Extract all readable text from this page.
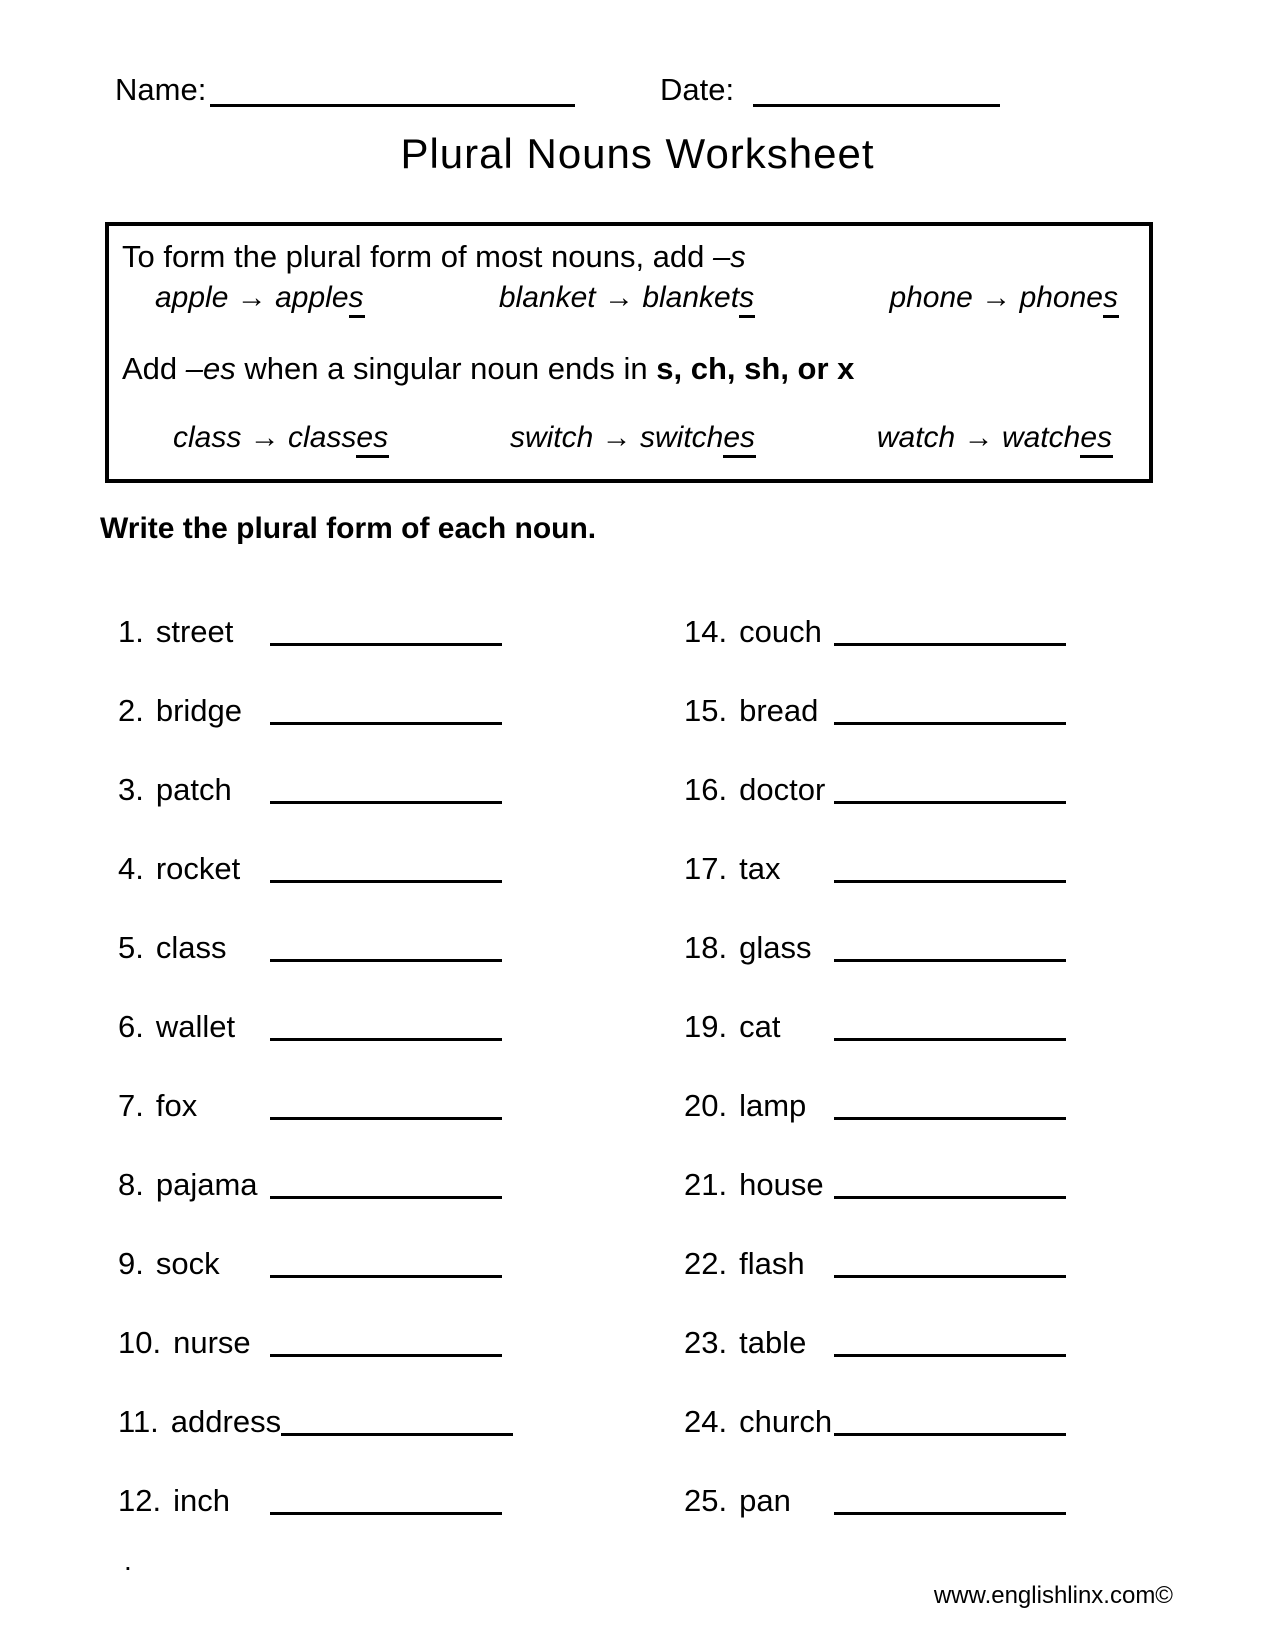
Name:	Date:
Plural Nouns Worksheet
To form the plural form of most nouns, add –s
apple → apples	blanket → blankets	phone → phones
Add –es when a singular noun ends in s, ch, sh, or x
class → classes	switch → switches	watch → watches
Write the plural form of each noun.
1. street
2. bridge
3. patch
4. rocket
5. class
6. wallet
7. fox
8. pajama
9. sock
10. nurse
11. address
12. inch
14. couch
15. bread
16. doctor
17. tax
18. glass
19. cat
20. lamp
21. house
22. flash
23. table
24. church
25. pan
.
www.englishlinx.com©
